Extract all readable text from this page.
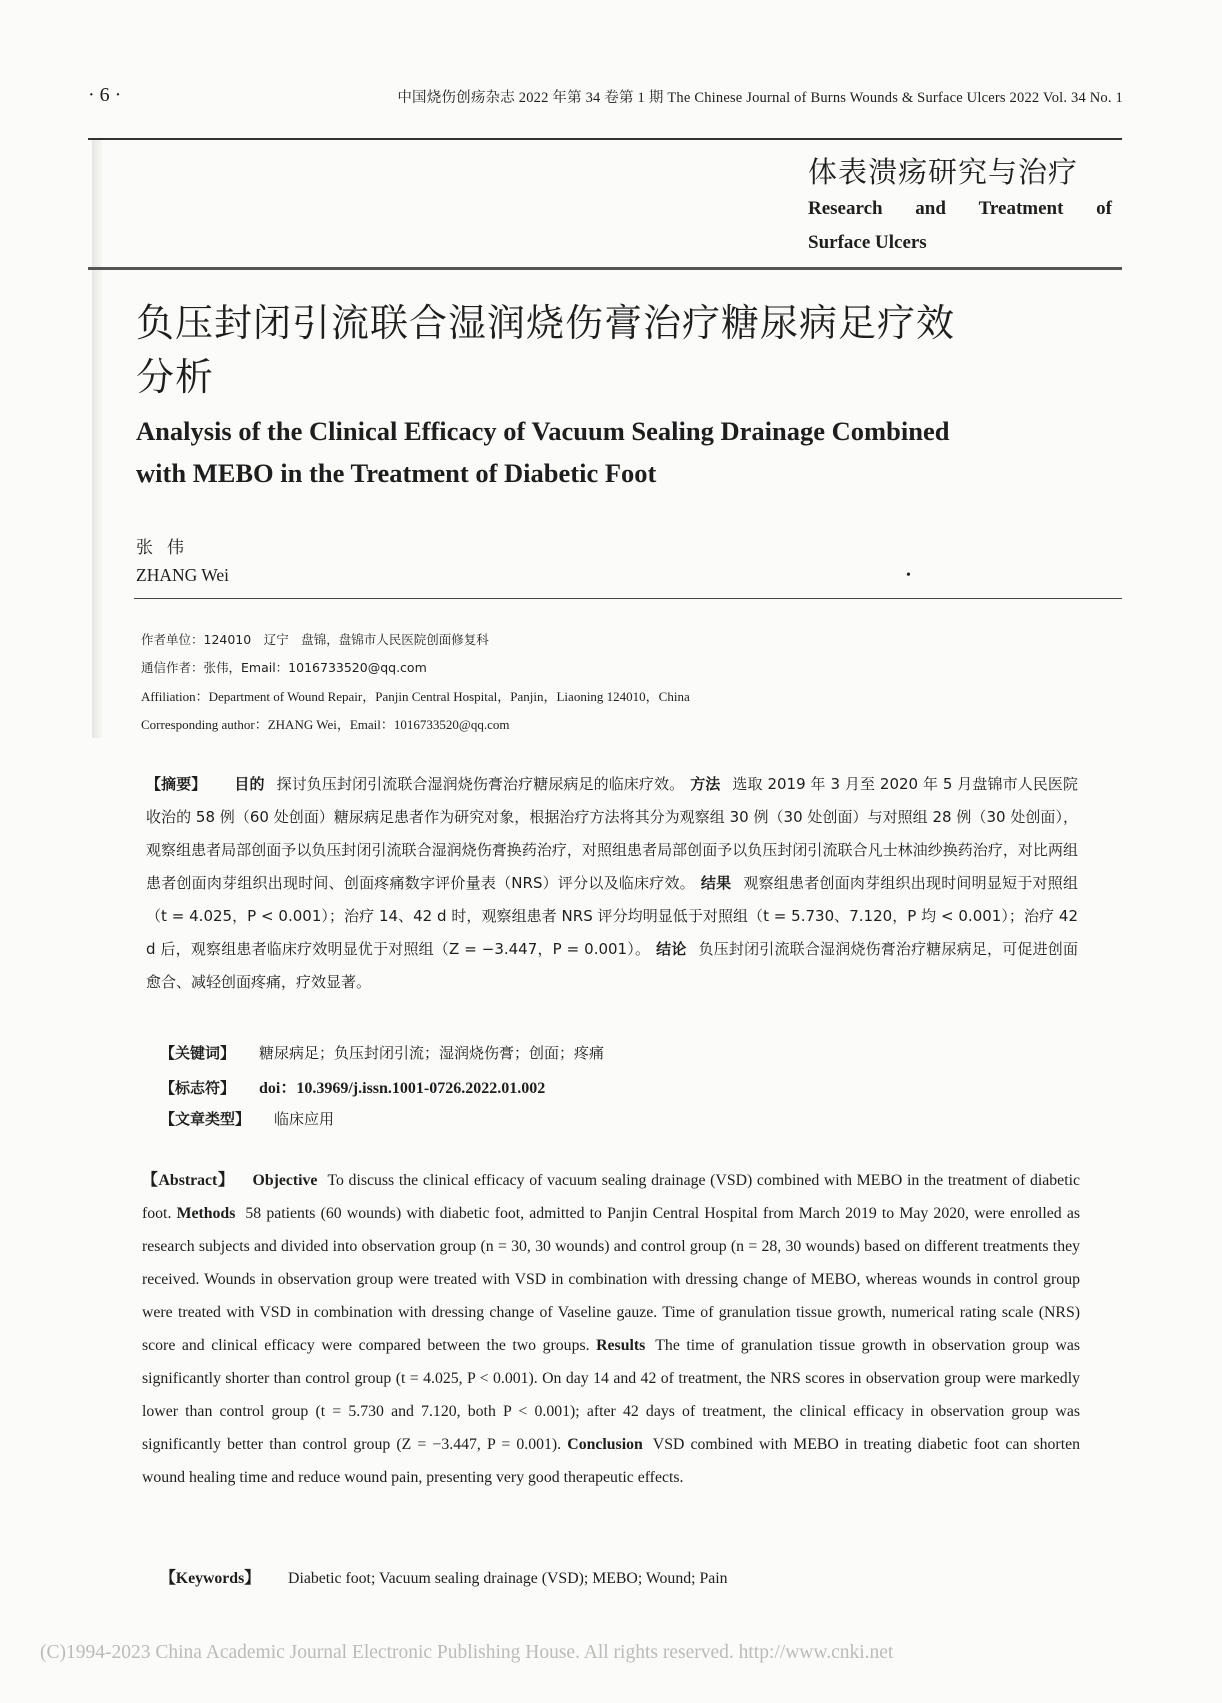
· 6 ·	中国烧伤创疡杂志 2022 年第 34 卷第 1 期 The Chinese Journal of Burns Wounds & Surface Ulcers 2022 Vol. 34 No. 1
体表溃疡研究与治疗
Research and Treatment of
Surface Ulcers
负压封闭引流联合湿润烧伤膏治疗糖尿病足疗效
分析
Analysis of the Clinical Efficacy of Vacuum Sealing Drainage Combined
with MEBO in the Treatment of Diabetic Foot
张伟
ZHANG Wei	•
作者单位：124010　辽宁　盘锦，盘锦市人民医院创面修复科
通信作者：张伟，Email：1016733520@qq.com
Affiliation：Department of Wound Repair，Panjin Central Hospital，Panjin，Liaoning 124010，China
Corresponding author：ZHANG Wei，Email：1016733520@qq.com
【摘要】 目的 探讨负压封闭引流联合湿润烧伤膏治疗糖尿病足的临床疗效。 方法 选取 2019 年 3 月至 2020 年 5 月盘锦市人民医院收治的 58 例（60 处创面）糖尿病足患者作为研究对象，根据治疗方法将其分为观察组 30 例（30 处创面）与对照组 28 例（30 处创面），观察组患者局部创面予以负压封闭引流联合湿润烧伤膏换药治疗，对照组患者局部创面予以负压封闭引流联合凡士林油纱换药治疗，对比两组患者创面肉芽组织出现时间、创面疼痛数字评价量表（NRS）评分以及临床疗效。 结果 观察组患者创面肉芽组织出现时间明显短于对照组（t = 4.025，P < 0.001）；治疗 14、42 d 时，观察组患者 NRS 评分均明显低于对照组（t = 5.730、7.120，P 均 < 0.001）；治疗 42 d 后，观察组患者临床疗效明显优于对照组（Z = −3.447，P = 0.001）。 结论 负压封闭引流联合湿润烧伤膏治疗糖尿病足，可促进创面愈合、减轻创面疼痛，疗效显著。
【关键词】 糖尿病足；负压封闭引流；湿润烧伤膏；创面；疼痛
【标志符】 doi：10.3969/j.issn.1001-0726.2022.01.002
【文章类型】 临床应用
【Abstract】 Objective To discuss the clinical efficacy of vacuum sealing drainage (VSD) combined with MEBO in the treatment of diabetic foot. Methods 58 patients (60 wounds) with diabetic foot, admitted to Panjin Central Hospital from March 2019 to May 2020, were enrolled as research subjects and divided into observation group (n = 30, 30 wounds) and control group (n = 28, 30 wounds) based on different treatments they received. Wounds in observation group were treated with VSD in combination with dressing change of MEBO, whereas wounds in control group were treated with VSD in combination with dressing change of Vaseline gauze. Time of granulation tissue growth, numerical rating scale (NRS) score and clinical efficacy were compared between the two groups. Results The time of granulation tissue growth in observation group was significantly shorter than control group (t = 4.025, P < 0.001). On day 14 and 42 of treatment, the NRS scores in observation group were markedly lower than control group (t = 5.730 and 7.120, both P < 0.001); after 42 days of treatment, the clinical efficacy in observation group was significantly better than control group (Z = −3.447, P = 0.001). Conclusion VSD combined with MEBO in treating diabetic foot can shorten wound healing time and reduce wound pain, presenting very good therapeutic effects.
【Keywords】 Diabetic foot; Vacuum sealing drainage (VSD); MEBO; Wound; Pain
(C)1994-2023 China Academic Journal Electronic Publishing House. All rights reserved. http://www.cnki.net
